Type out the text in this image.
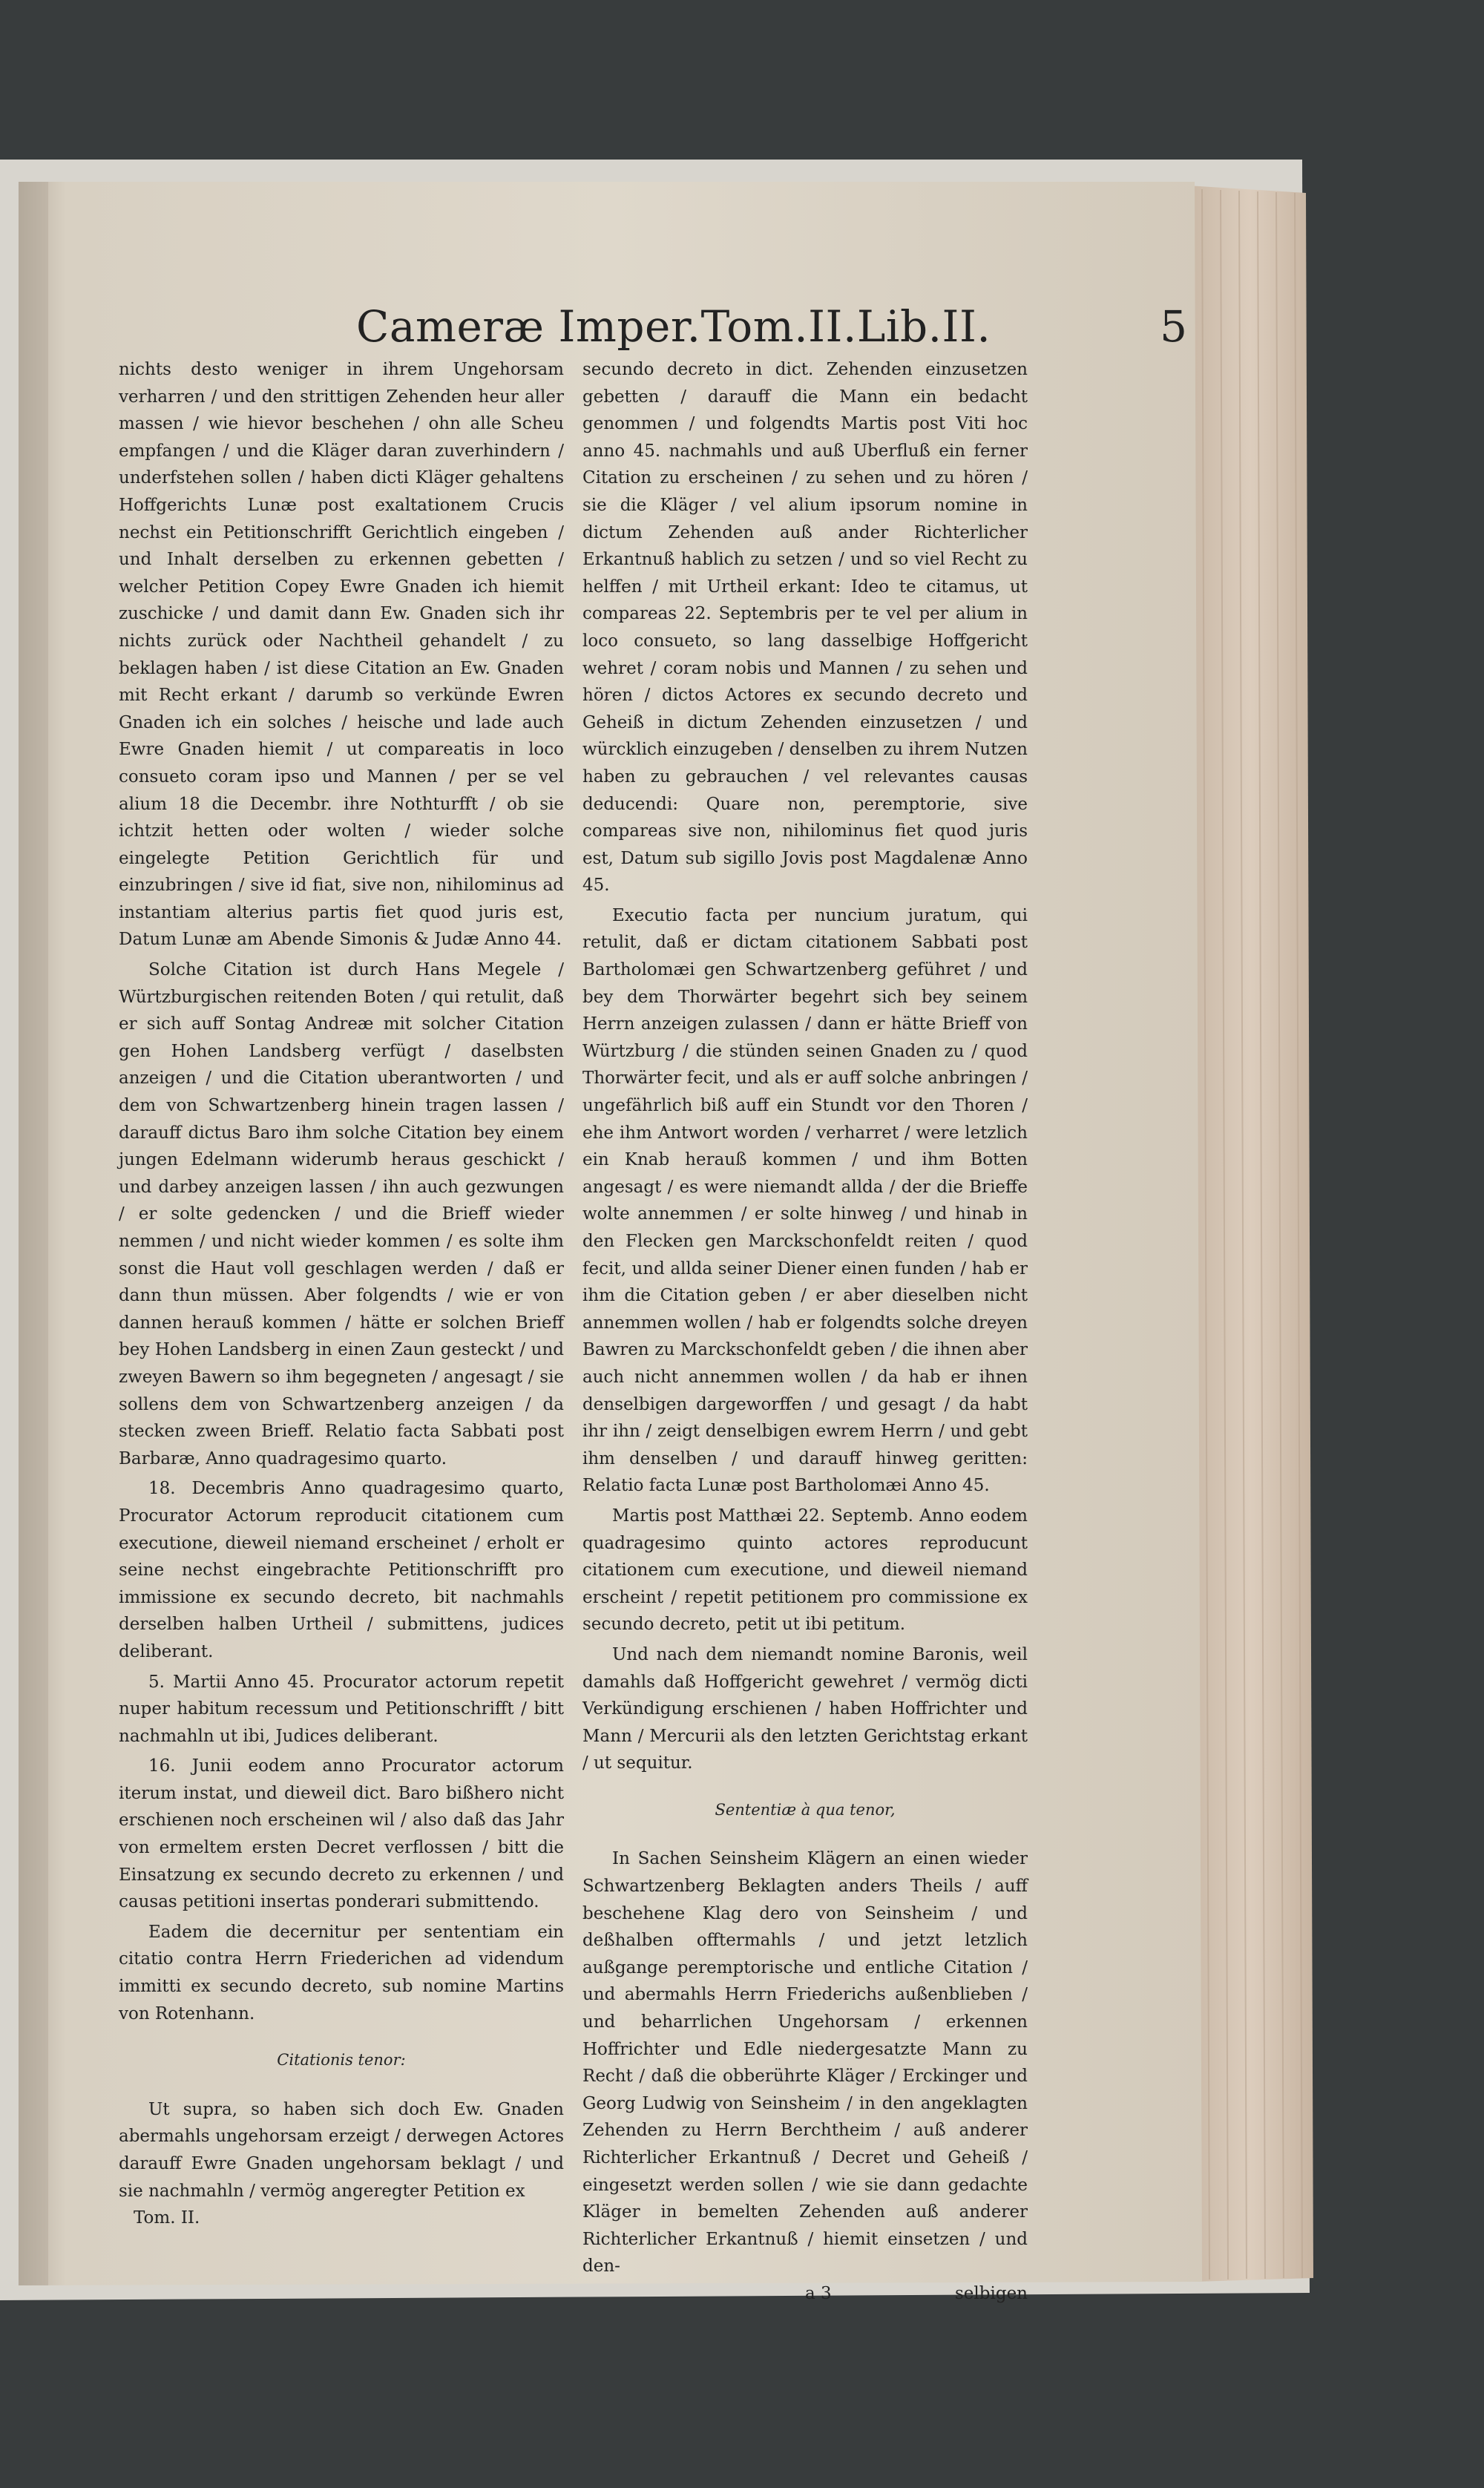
Cameræ Imper.Tom.II.Lib.II.	5

nichts desto weniger in ihrem Ungehorsam verharren / und den strittigen Zehenden heur aller massen / wie hievor beschehen / ohn alle Scheu empfangen / und die Kläger daran zuverhindern / underfstehen sollen / haben dicti Kläger gehaltens Hoffgerichts Lunæ post exaltationem Crucis nechst ein Petitionschrifft Gerichtlich eingeben / und Inhalt derselben zu erkennen gebetten / welcher Petition Copey Ewre Gnaden ich hiemit zuschicke / und damit dann Ew. Gnaden sich ihr nichts zurück oder Nachtheil gehandelt / zu beklagen haben / ist diese Citation an Ew. Gnaden mit Recht erkant / darumb so verkünde Ewren Gnaden ich ein solches / heische und lade auch Ewre Gnaden hiemit / ut compareatis in loco consueto coram ipso und Mannen / per se vel alium 18 die Decembr. ihre Nothturfft / ob sie ichtzit hetten oder wolten / wieder solche eingelegte Petition Gerichtlich für und einzubringen / sive id fiat, sive non, nihilominus ad instantiam alterius partis fiet quod juris est, Datum Lunæ am Abende Simonis & Judæ Anno 44.

Solche Citation ist durch Hans Megele / Würtzburgischen reitenden Boten / qui retulit, daß er sich auff Sontag Andreæ mit solcher Citation gen Hohen Landsberg verfügt / daselbsten anzeigen / und die Citation uberantworten / und dem von Schwartzenberg hinein tragen lassen / darauff dictus Baro ihm solche Citation bey einem jungen Edelmann widerumb heraus geschickt / und darbey anzeigen lassen / ihn auch gezwungen / er solte gedencken / und die Brieff wieder nemmen / und nicht wieder kommen / es solte ihm sonst die Haut voll geschlagen werden / daß er dann thun müssen. Aber folgendts / wie er von dannen herauß kommen / hätte er solchen Brieff bey Hohen Landsberg in einen Zaun gesteckt / und zweyen Bawern so ihm begegneten / angesagt / sie sollens dem von Schwartzenberg anzeigen / da stecken zween Brieff. Relatio facta Sabbati post Barbaræ, Anno quadragesimo quarto.

18. Decembris Anno quadragesimo quarto, Procurator Actorum reproducit citationem cum executione, dieweil niemand erscheinet / erholt er seine nechst eingebrachte Petitionschrifft pro immissione ex secundo decreto, bit nachmahls derselben halben Urtheil / submittens, judices deliberant.

5. Martii Anno 45. Procurator actorum repetit nuper habitum recessum und Petitionschrifft / bitt nachmahln ut ibi, Judices deliberant.

16. Junii eodem anno Procurator actorum iterum instat, und dieweil dict. Baro bißhero nicht erschienen noch erscheinen wil / also daß das Jahr von ermeltem ersten Decret verflossen / bitt die Einsatzung ex secundo decreto zu erkennen / und causas petitioni insertas ponderari submittendo.

Eadem die decernitur per sententiam ein citatio contra Herrn Friederichen ad videndum immitti ex secundo decreto, sub nomine Martins von Rotenhann.

Citationis tenor:

Ut supra, so haben sich doch Ew. Gnaden abermahls ungehorsam erzeigt / derwegen Actores darauff Ewre Gnaden ungehorsam beklagt / und sie nachmahln / vermög angeregter Petition ex

Tom. II.

secundo decreto in dict. Zehenden einzusetzen gebetten / darauff die Mann ein bedacht genommen / und folgendts Martis post Viti hoc anno 45. nachmahls und auß Uberfluß ein ferner Citation zu erscheinen / zu sehen und zu hören / sie die Kläger / vel alium ipsorum nomine in dictum Zehenden auß ander Richterlicher Erkantnuß hablich zu setzen / und so viel Recht zu helffen / mit Urtheil erkant: Ideo te citamus, ut compareas 22. Septembris per te vel per alium in loco consueto, so lang dasselbige Hoffgericht wehret / coram nobis und Mannen / zu sehen und hören / dictos Actores ex secundo decreto und Geheiß in dictum Zehenden einzusetzen / und würcklich einzugeben / denselben zu ihrem Nutzen haben zu gebrauchen / vel relevantes causas deducendi: Quare non, peremptorie, sive compareas sive non, nihilominus fiet quod juris est, Datum sub sigillo Jovis post Magdalenæ Anno 45.

Executio facta per nuncium juratum, qui retulit, daß er dictam citationem Sabbati post Bartholomæi gen Schwartzenberg geführet / und bey dem Thorwärter begehrt sich bey seinem Herrn anzeigen zulassen / dann er hätte Brieff von Würtzburg / die stünden seinen Gnaden zu / quod Thorwärter fecit, und als er auff solche anbringen / ungefährlich biß auff ein Stundt vor den Thoren / ehe ihm Antwort worden / verharret / were letzlich ein Knab herauß kommen / und ihm Botten angesagt / es were niemandt allda / der die Brieffe wolte annemmen / er solte hinweg / und hinab in den Flecken gen Marckschonfeldt reiten / quod fecit, und allda seiner Diener einen funden / hab er ihm die Citation geben / er aber dieselben nicht annemmen wollen / hab er folgendts solche dreyen Bawren zu Marckschonfeldt geben / die ihnen aber auch nicht annemmen wollen / da hab er ihnen denselbigen dargeworffen / und gesagt / da habt ihr ihn / zeigt denselbigen ewrem Herrn / und gebt ihm denselben / und darauff hinweg geritten: Relatio facta Lunæ post Bartholomæi Anno 45.

Martis post Matthæi 22. Septemb. Anno eodem quadragesimo quinto actores reproducunt citationem cum executione, und dieweil niemand erscheint / repetit petitionem pro commissione ex secundo decreto, petit ut ibi petitum.

Und nach dem niemandt nomine Baronis, weil damahls daß Hoffgericht gewehret / vermög dicti Verkündigung erschienen / haben Hoffrichter und Mann / Mercurii als den letzten Gerichtstag erkant / ut sequitur.

Sententiæ à qua tenor,

In Sachen Seinsheim Klägern an einen wieder Schwartzenberg Beklagten anders Theils / auff beschehene Klag dero von Seinsheim / und deßhalben offtermahls / und jetzt letzlich außgange peremptorische und entliche Citation / und abermahls Herrn Friederichs außenblieben / und beharrlichen Ungehorsam / erkennen Hoffrichter und Edle niedergesatzte Mann zu Recht / daß die obberührte Kläger / Erckinger und Georg Ludwig von Seinsheim / in den angeklagten Zehenden zu Herrn Berchtheim / auß anderer Richterlicher Erkantnuß / Decret und Geheiß / eingesetzt werden sollen / wie sie dann gedachte Kläger in bemelten Zehenden auß anderer Richterlicher Erkantnuß / hiemit einsetzen / und den-

a 3	selbigen
